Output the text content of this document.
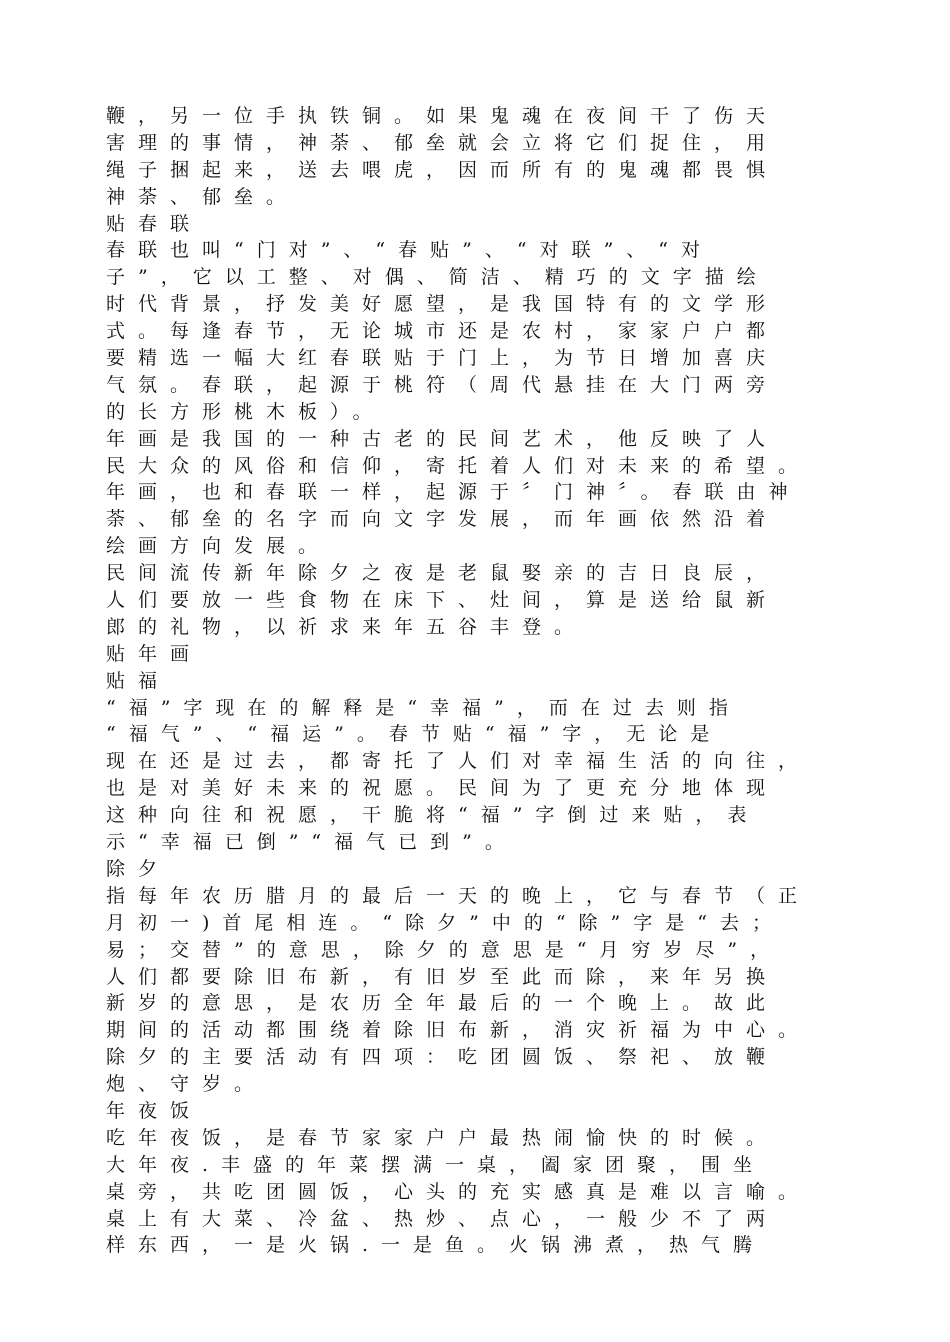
鞭，另一位手执铁铜。如果鬼魂在夜间干了伤天
害理的事情，神荼、郁垒就会立将它们捉住，用
绳子捆起来，送去喂虎，因而所有的鬼魂都畏惧
神荼、郁垒。
贴春联
春联也叫“门对”、“春贴”、“对联”、“对
子”，它以工整、对偶、简洁、精巧的文字描绘
时代背景，抒发美好愿望，是我国特有的文学形
式。每逢春节，无论城市还是农村，家家户户都
要精选一幅大红春联贴于门上，为节日增加喜庆
气氛。春联，起源于桃符（周代悬挂在大门两旁
的长方形桃木板）。
年画是我国的一种古老的民间艺术，他反映了人
民大众的风俗和信仰，寄托着人们对未来的希望。
年画，也和春联一样，起源于〞门神〞。春联由神
荼、郁垒的名字而向文字发展，而年画依然沿着
绘画方向发展。
民间流传新年除夕之夜是老鼠娶亲的吉日良辰，
人们要放一些食物在床下、灶间，算是送给鼠新
郎的礼物，以祈求来年五谷丰登。
贴年画
贴福
“福”字现在的解释是“幸福”，而在过去则指
“福气”、“福运”。春节贴“福”字，无论是
现在还是过去，都寄托了人们对幸福生活的向往，
也是对美好未来的祝愿。民间为了更充分地体现
这种向往和祝愿，干脆将“福”字倒过来贴，表
示“幸福已倒”“福气已到”。
除夕
指每年农历腊月的最后一天的晚上，它与春节（正
月初一)首尾相连。“除夕”中的“除”字是“去；
易；交替”的意思，除夕的意思是“月穷岁尽”，
人们都要除旧布新，有旧岁至此而除，来年另换
新岁的意思，是农历全年最后的一个晚上。故此
期间的活动都围绕着除旧布新，消灾祈福为中心。
除夕的主要活动有四项：吃团圆饭、祭祀、放鞭
炮、守岁。
年夜饭
吃年夜饭，是春节家家户户最热闹愉快的时候。
大年夜.丰盛的年菜摆满一桌，阖家团聚，围坐
桌旁，共吃团圆饭，心头的充实感真是难以言喻。
桌上有大菜、冷盆、热炒、点心，一般少不了两
样东西，一是火锅.一是鱼。火锅沸煮，热气腾
